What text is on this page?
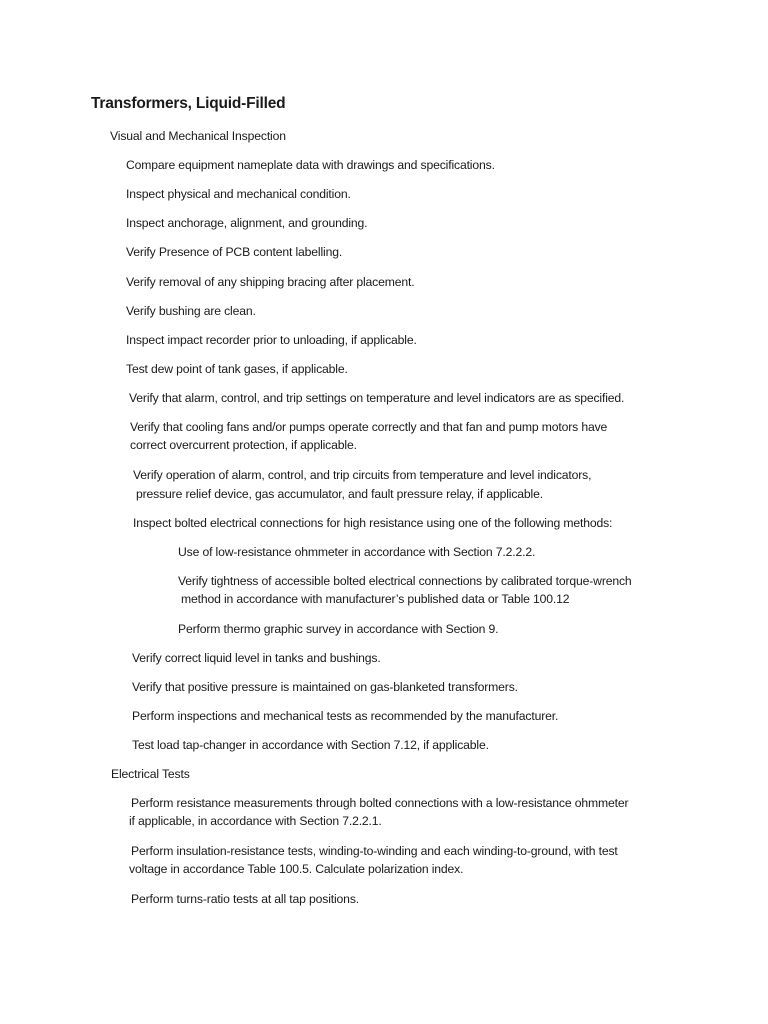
Transformers, Liquid-Filled
Visual and Mechanical Inspection
Compare equipment nameplate data with drawings and specifications.
Inspect physical and mechanical condition.
Inspect anchorage, alignment, and grounding.
Verify Presence of PCB content labelling.
Verify removal of any shipping bracing after placement.
Verify bushing are clean.
Inspect impact recorder prior to unloading, if applicable.
Test dew point of tank gases, if applicable.
Verify that alarm, control, and trip settings on temperature and level indicators are as specified.
Verify that cooling fans and/or pumps operate correctly and that fan and pump motors have
correct overcurrent protection, if applicable.
Verify operation of alarm, control, and trip circuits from temperature and level indicators,
pressure relief device, gas accumulator, and fault pressure relay, if applicable.
Inspect bolted electrical connections for high resistance using one of the following methods:
Use of low-resistance ohmmeter in accordance with Section 7.2.2.2.
Verify tightness of accessible bolted electrical connections by calibrated torque-wrench
method in accordance with manufacturer’s published data or Table 100.12
Perform thermo graphic survey in accordance with Section 9.
Verify correct liquid level in tanks and bushings.
Verify that positive pressure is maintained on gas-blanketed transformers.
Perform inspections and mechanical tests as recommended by the manufacturer.
Test load tap-changer in accordance with Section 7.12, if applicable.
Electrical Tests
Perform resistance measurements through bolted connections with a low-resistance ohmmeter
if applicable, in accordance with Section 7.2.2.1.
Perform insulation-resistance tests, winding-to-winding and each winding-to-ground, with test
voltage in accordance Table 100.5. Calculate polarization index.
Perform turns-ratio tests at all tap positions.
